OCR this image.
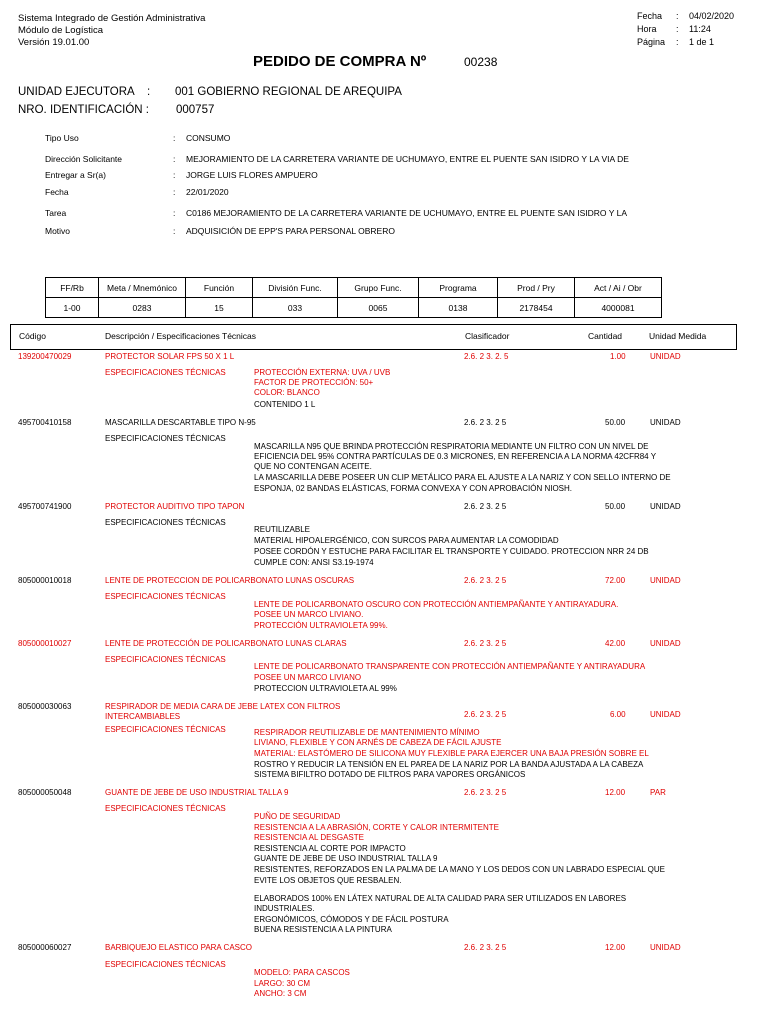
Sistema Integrado de Gestión Administrativa
Módulo de Logística
Versión 19.01.00
Fecha : 04/02/2020
Hora : 11:24
Página : 1 de 1
PEDIDO DE COMPRA Nº	00238
UNIDAD EJECUTORA : 001 GOBIERNO REGIONAL DE AREQUIPA
NRO. IDENTIFICACIÓN : 000757
Tipo Uso	: CONSUMO
Dirección Solicitante	: MEJORAMIENTO DE LA CARRETERA VARIANTE DE UCHUMAYO, ENTRE EL PUENTE SAN ISIDRO Y LA VIA DE
Entregar a Sr(a)	: JORGE LUIS FLORES AMPUERO
Fecha	: 22/01/2020
Tarea	: C0186 MEJORAMIENTO DE LA CARRETERA VARIANTE DE UCHUMAYO, ENTRE EL PUENTE SAN ISIDRO Y LA
Motivo	: ADQUISICIÓN DE EPP'S PARA PERSONAL OBRERO
FF/Rb	Meta / Mnemónico	Función	División Func.	Grupo Func.	Programa	Prod / Pry	Act / Ai / Obr
1-00	0283	15	033	0065	0138	2178454	4000081
Código	Descripción / Especificaciones Técnicas	Clasificador	Cantidad	Unidad Medida
139200470029	PROTECTOR SOLAR FPS 50 X 1 L	2.6. 2 3. 2. 5	1.00	UNIDAD
ESPECIFICACIONES TÉCNICAS	PROTECCIÓN EXTERNA: UVA / UVB
FACTOR DE PROTECCIÓN: 50+
COLOR: BLANCO
CONTENIDO 1 L
495700410158	MASCARILLA DESCARTABLE TIPO N-95	2.6. 2 3. 2 5	50.00	UNIDAD
ESPECIFICACIONES TÉCNICAS
MASCARILLA N95 QUE BRINDA PROTECCIÓN RESPIRATORIA MEDIANTE UN FILTRO CON UN NIVEL DE
EFICIENCIA DEL 95% CONTRA PARTÍCULAS DE 0.3 MICRONES, EN REFERENCIA A LA NORMA 42CFR84 Y
QUE NO CONTENGAN ACEITE.
LA MASCARILLA DEBE POSEER UN CLIP METÁLICO PARA EL AJUSTE A LA NARIZ Y CON SELLO INTERNO DE
ESPONJA, 02 BANDAS ELÁSTICAS, FORMA CONVEXA Y CON APROBACIÓN NIOSH.
495700741900	PROTECTOR AUDITIVO TIPO TAPON	2.6. 2 3. 2 5	50.00	UNIDAD
ESPECIFICACIONES TÉCNICAS
REUTILIZABLE
MATERIAL HIPOALERGÉNICO, CON SURCOS PARA AUMENTAR LA COMODIDAD
POSEE CORDÓN Y ESTUCHE PARA FACILITAR EL TRANSPORTE Y CUIDADO. PROTECCION NRR 24 DB
CUMPLE CON: ANSI S3.19-1974
805000010018	LENTE DE PROTECCION DE POLICARBONATO LUNAS OSCURAS	2.6. 2 3. 2 5	72.00	UNIDAD
ESPECIFICACIONES TÉCNICAS
LENTE DE POLICARBONATO OSCURO CON PROTECCIÓN ANTIEMPAÑANTE Y ANTIRAYADURA.
POSEE UN MARCO LIVIANO.
PROTECCIÓN ULTRAVIOLETA 99%.
805000010027	LENTE DE PROTECCIÓN DE POLICARBONATO LUNAS CLARAS	2.6. 2 3. 2 5	42.00	UNIDAD
ESPECIFICACIONES TÉCNICAS
LENTE DE POLICARBONATO TRANSPARENTE CON PROTECCIÓN ANTIEMPAÑANTE Y ANTIRAYADURA
POSEE UN MARCO LIVIANO
PROTECCION ULTRAVIOLETA AL 99%
805000030063	RESPIRADOR DE MEDIA CARA DE JEBE LATEX CON FILTROS
INTERCAMBIABLES	2.6. 2 3. 2 5	6.00	UNIDAD
ESPECIFICACIONES TÉCNICAS	RESPIRADOR REUTILIZABLE DE MANTENIMIENTO MÍNIMO
LIVIANO, FLEXIBLE Y CON ARNÉS DE CABEZA DE FÁCIL AJUSTE
MATERIAL: ELASTÓMERO DE SILICONA MUY FLEXIBLE PARA EJERCER UNA BAJA PRESIÓN SOBRE EL
ROSTRO Y REDUCIR LA TENSIÓN EN EL PAREA DE LA NARIZ POR LA BANDA AJUSTADA A LA CABEZA
SISTEMA BIFILTRO DOTADO DE FILTROS PARA VAPORES ORGÁNICOS
805000050048	GUANTE DE JEBE DE USO INDUSTRIAL TALLA 9	2.6. 2 3. 2 5	12.00	PAR
ESPECIFICACIONES TÉCNICAS
PUÑO DE SEGURIDAD
RESISTENCIA A LA ABRASIÓN, CORTE Y CALOR INTERMITENTE
RESISTENCIA AL DESGASTE
RESISTENCIA AL CORTE POR IMPACTO
GUANTE DE JEBE DE USO INDUSTRIAL TALLA 9
RESISTENTES, REFORZADOS EN LA PALMA DE LA MANO Y LOS DEDOS CON UN LABRADO ESPECIAL QUE
EVITE LOS OBJETOS QUE RESBALEN.
ELABORADOS 100% EN LÁTEX NATURAL DE ALTA CALIDAD PARA SER UTILIZADOS EN LABORES
INDUSTRIALES.
ERGONÓMICOS, CÓMODOS Y DE FÁCIL POSTURA
BUENA RESISTENCIA A LA PINTURA
805000060027	BARBIQUEJO ELASTICO PARA CASCO	2.6. 2 3. 2 5	12.00	UNIDAD
ESPECIFICACIONES TÉCNICAS
MODELO: PARA CASCOS
LARGO: 30 CM
ANCHO: 3 CM
